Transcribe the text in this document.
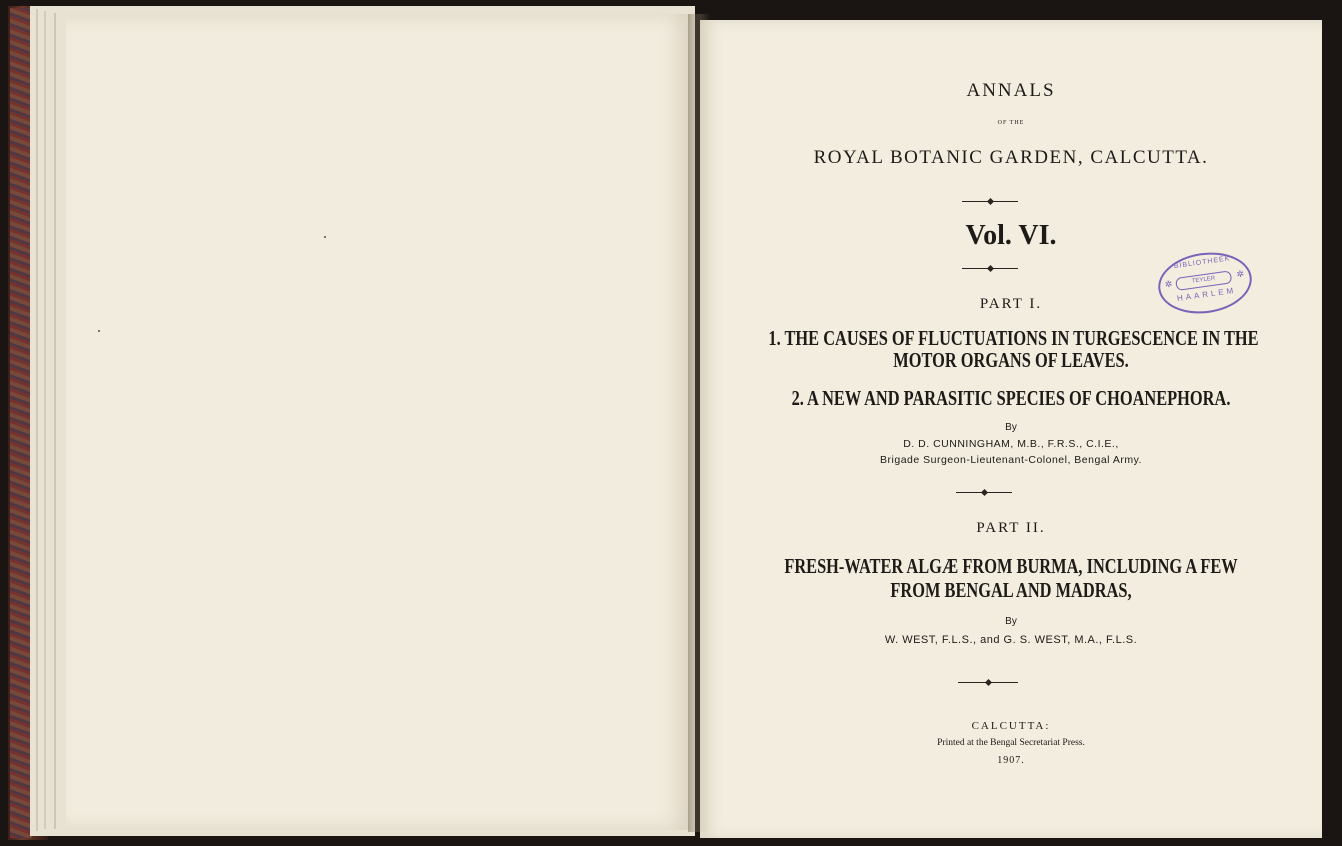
ANNALS
OF THE
ROYAL BOTANIC GARDEN, CALCUTTA.
Vol. VI.
BIBLIOTHEEK
✲	TEYLER
✲
HAARLEM
PART I.
1. THE CAUSES OF FLUCTUATIONS IN TURGESCENCE IN THE
MOTOR ORGANS OF LEAVES.
2. A NEW AND PARASITIC SPECIES OF CHOANEPHORA.
By
D. D. CUNNINGHAM, M.B., F.R.S., C.I.E.,
Brigade Surgeon-Lieutenant-Colonel, Bengal Army.
PART II.
FRESH-WATER ALGÆ FROM BURMA, INCLUDING A FEW
FROM BENGAL AND MADRAS,
By
W. WEST, F.L.S., and G. S. WEST, M.A., F.L.S.
CALCUTTA:
Printed at the Bengal Secretariat Press.
1907.
